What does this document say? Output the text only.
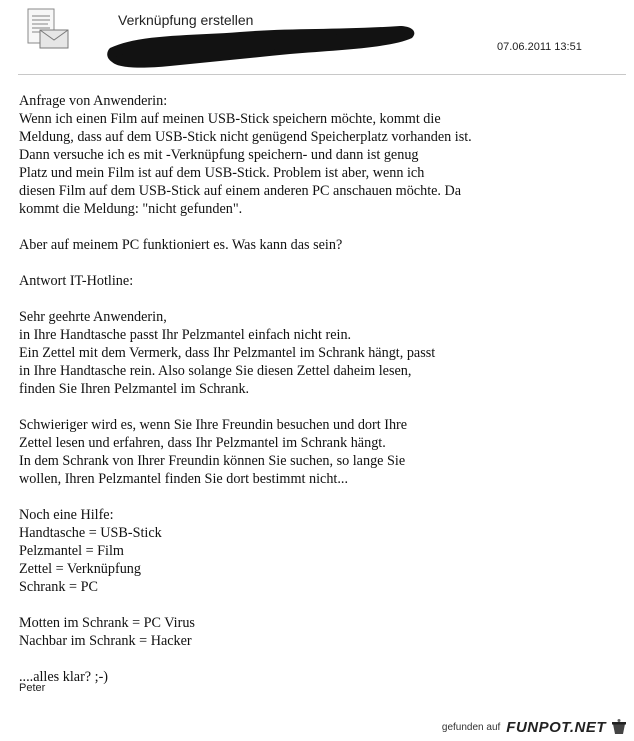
Verknüpfung erstellen
07.06.2011 13:51

Anfrage von Anwenderin:
Wenn ich einen Film auf meinen USB-Stick speichern möchte, kommt die
Meldung, dass auf dem USB-Stick nicht genügend Speicherplatz vorhanden ist.
Dann versuche ich es mit -Verknüpfung speichern- und dann ist genug
Platz und mein Film ist auf dem USB-Stick. Problem ist aber, wenn ich
diesen Film auf dem USB-Stick auf einem anderen PC anschauen möchte. Da
kommt die Meldung: "nicht gefunden".

Aber auf meinem PC funktioniert es. Was kann das sein?

Antwort IT-Hotline:

Sehr geehrte Anwenderin,
in Ihre Handtasche passt Ihr Pelzmantel einfach nicht rein.
Ein Zettel mit dem Vermerk, dass Ihr Pelzmantel im Schrank hängt, passt
in Ihre Handtasche rein. Also solange Sie diesen Zettel daheim lesen,
finden Sie Ihren Pelzmantel im Schrank.

Schwieriger wird es, wenn Sie Ihre Freundin besuchen und dort Ihre
Zettel lesen und erfahren, dass Ihr Pelzmantel im Schrank hängt.
In dem Schrank von Ihrer Freundin können Sie suchen, so lange Sie
wollen, Ihren Pelzmantel finden Sie dort bestimmt nicht...

Noch eine Hilfe:
Handtasche = USB-Stick
Pelzmantel = Film
Zettel = Verknüpfung
Schrank = PC

Motten im Schrank = PC Virus
Nachbar im Schrank = Hacker

....alles klar? ;-)

Peter
gefunden auf FUNPOT.NET
